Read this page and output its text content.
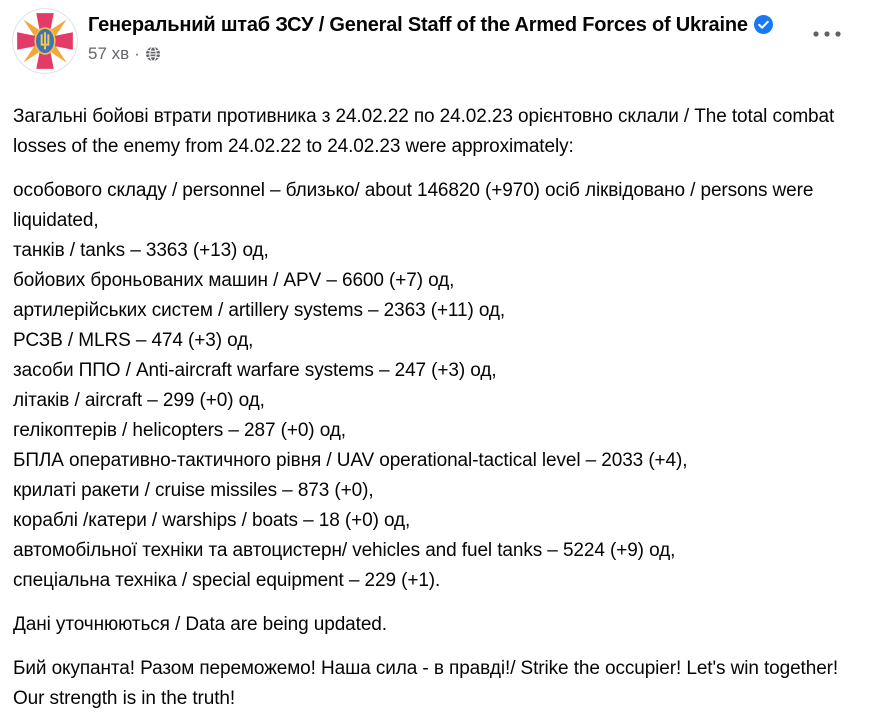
Генеральний штаб ЗСУ / General Staff of the Armed Forces of Ukraine
57 хв ·
Загальні бойові втрати противника з 24.02.22 по 24.02.23 орієнтовно склали / The total combat losses of the enemy from 24.02.22 to 24.02.23 were approximately:
особового складу / personnel – близько/ about 146820 (+970) осіб ліквідовано / persons were liquidated,
танків / tanks – 3363 (+13) од,
бойових броньованих машин / APV – 6600 (+7) од,
артилерійських систем / artillery systems – 2363 (+11) од,
РСЗВ / MLRS – 474 (+3) од,
засоби ППО / Anti-aircraft warfare systems – 247 (+3) од,
літаків / aircraft – 299 (+0) од,
гелікоптерів / helicopters – 287 (+0) од,
БПЛА оперативно-тактичного рівня / UAV operational-tactical level – 2033 (+4),
крилаті ракети / cruise missiles – 873 (+0),
кораблі /катери / warships / boats – 18 (+0) од,
автомобільної техніки та автоцистерн/ vehicles and fuel tanks – 5224 (+9) од,
спеціальна техніка / special equipment – 229 (+1).
Дані уточнюються / Data are being updated.
Бий окупанта! Разом переможемо! Наша сила - в правді!/ Strike the occupier! Let's win together! Our strength is in the truth!
